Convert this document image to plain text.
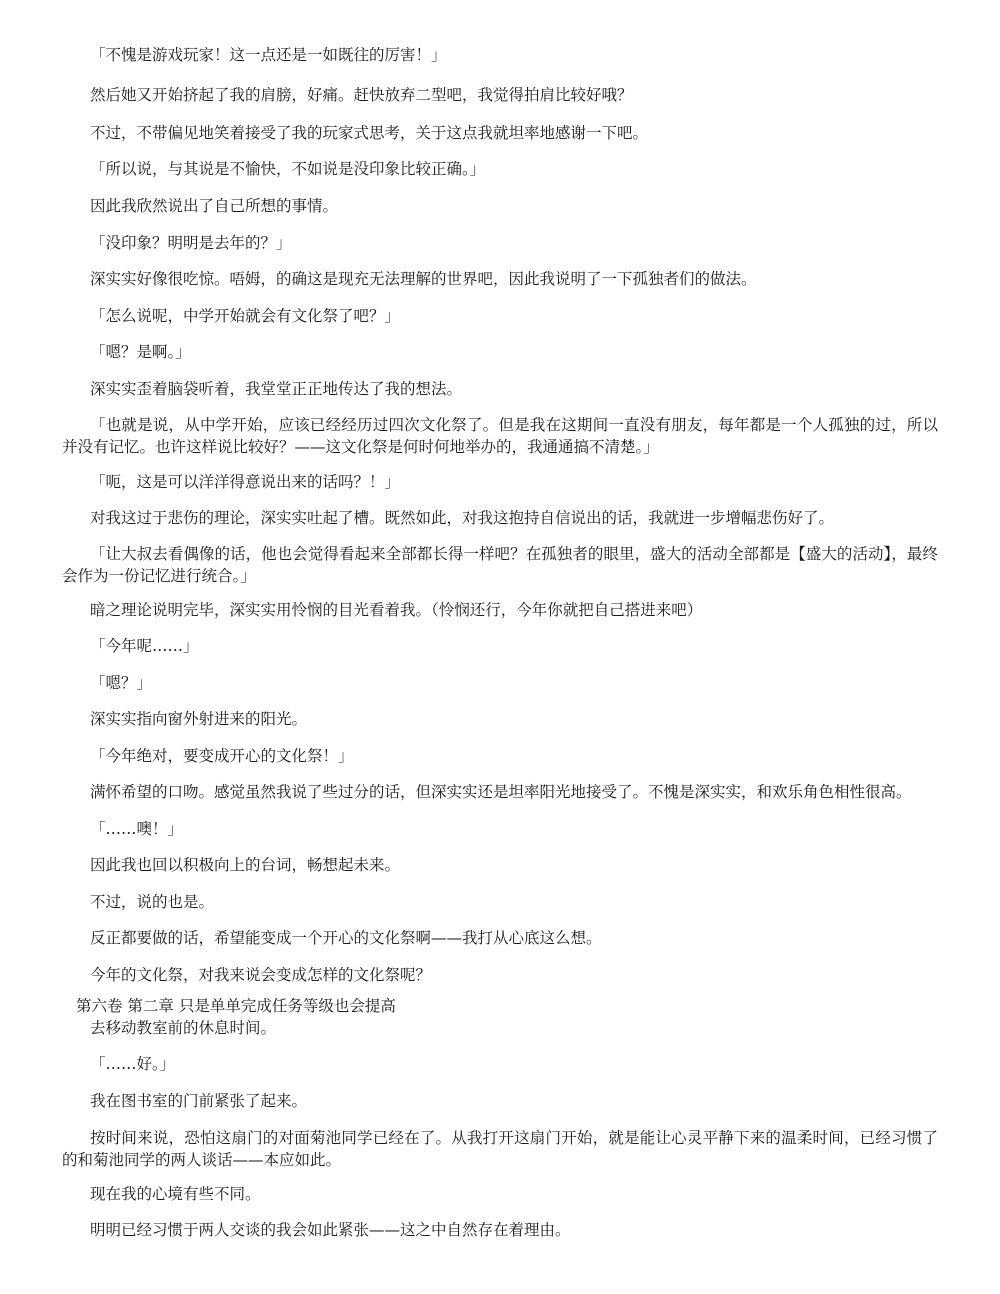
「不愧是游戏玩家！这一点还是一如既往的厉害！」

然后她又开始挤起了我的肩膀，好痛。赶快放弃二型吧，我觉得拍肩比较好哦？

不过，不带偏见地笑着接受了我的玩家式思考，关于这点我就坦率地感谢一下吧。

「所以说，与其说是不愉快，不如说是没印象比较正确。」

因此我欣然说出了自己所想的事情。

「没印象？明明是去年的？」

深实实好像很吃惊。唔姆，的确这是现充无法理解的世界吧，因此我说明了一下孤独者们的做法。

「怎么说呢，中学开始就会有文化祭了吧？」

「嗯？是啊。」

深实实歪着脑袋听着，我堂堂正正地传达了我的想法。

「也就是说，从中学开始，应该已经经历过四次文化祭了。但是我在这期间一直没有朋友，每年都是一个人孤独的过，所以并没有记忆。也许这样说比较好？——这文化祭是何时何地举办的，我通通搞不清楚。」

「呃，这是可以洋洋得意说出来的话吗？！」

对我这过于悲伤的理论，深实实吐起了槽。既然如此，对我这抱持自信说出的话，我就进一步增幅悲伤好了。

「让大叔去看偶像的话，他也会觉得看起来全部都长得一样吧？在孤独者的眼里，盛大的活动全部都是【盛大的活动】，最终会作为一份记忆进行统合。」

暗之理论说明完毕，深实实用怜悯的目光看着我。（怜悯还行，今年你就把自己搭进来吧）

「今年呢……」

「嗯？」

深实实指向窗外射进来的阳光。

「今年绝对，要变成开心的文化祭！」

满怀希望的口吻。感觉虽然我说了些过分的话，但深实实还是坦率阳光地接受了。不愧是深实实，和欢乐角色相性很高。

「……噢！」

因此我也回以积极向上的台词，畅想起未来。

不过，说的也是。

反正都要做的话，希望能变成一个开心的文化祭啊——我打从心底这么想。

今年的文化祭，对我来说会变成怎样的文化祭呢？

第六卷 第二章 只是单单完成任务等级也会提高

去移动教室前的休息时间。

「……好。」

我在图书室的门前紧张了起来。

按时间来说，恐怕这扇门的对面菊池同学已经在了。从我打开这扇门开始，就是能让心灵平静下来的温柔时间，已经习惯了的和菊池同学的两人谈话——本应如此。

现在我的心境有些不同。

明明已经习惯于两人交谈的我会如此紧张——这之中自然存在着理由。
